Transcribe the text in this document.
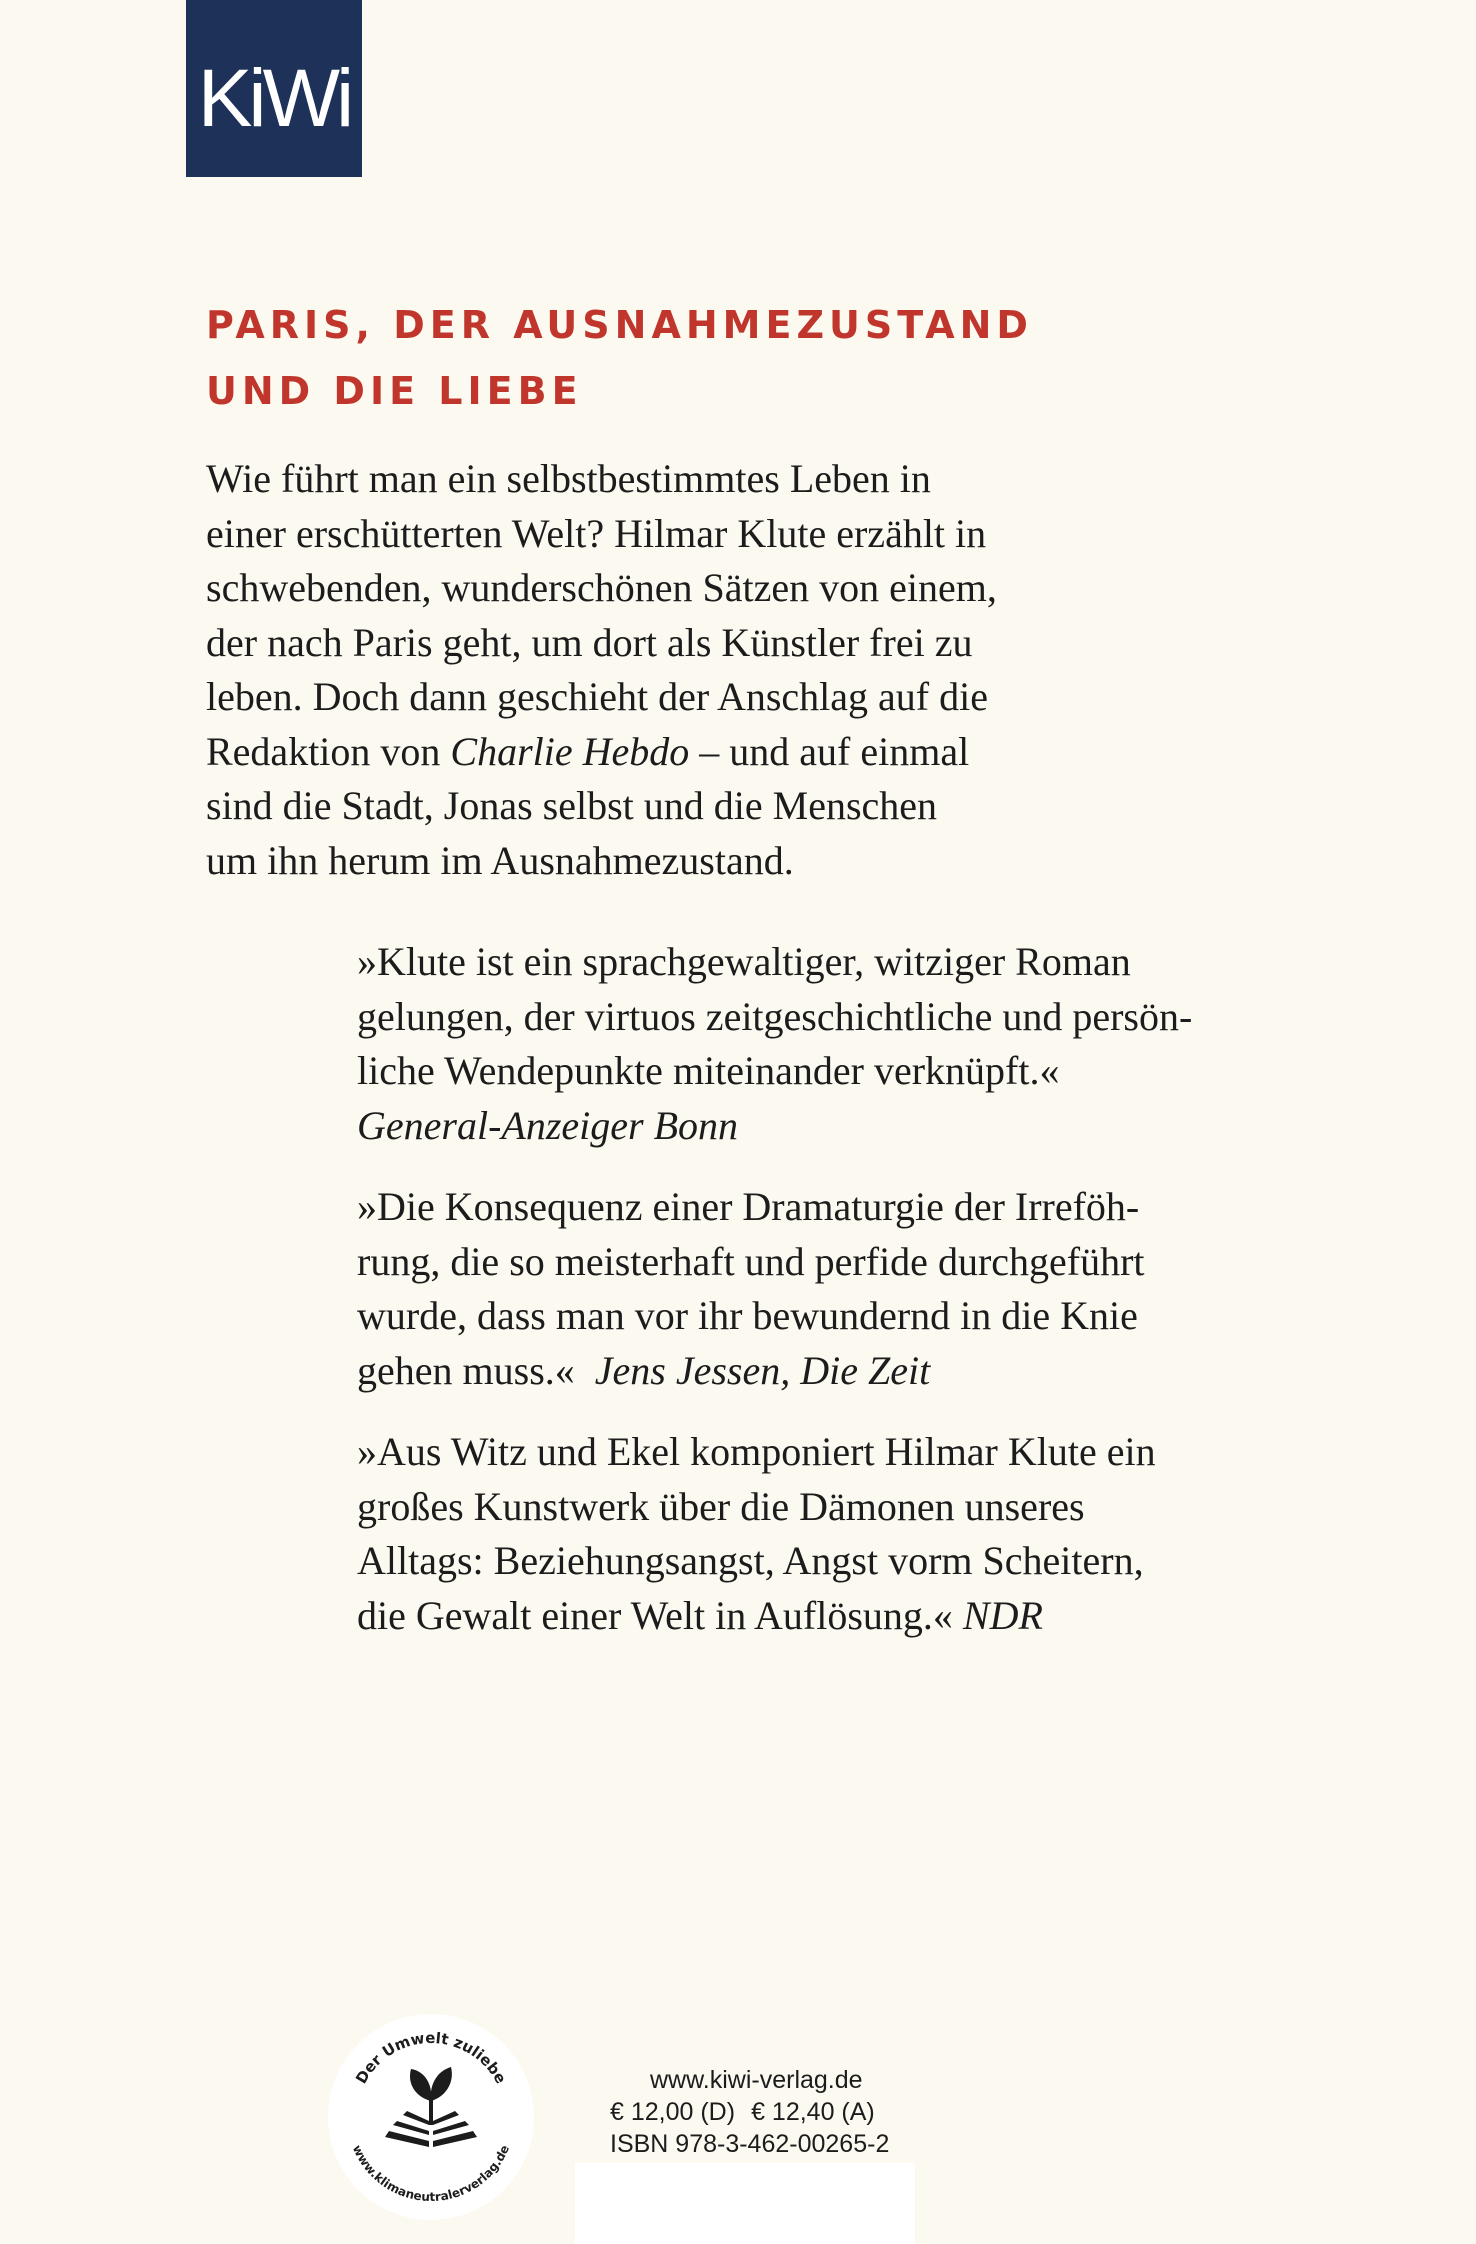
KiWi
PARIS, DER AUSNAHMEZUSTAND
UND DIE LIEBE

Wie führt man ein selbstbestimmtes Leben in
einer erschütterten Welt? Hilmar Klute erzählt in
schwebenden, wunderschönen Sätzen von einem,
der nach Paris geht, um dort als Künstler frei zu
leben. Doch dann geschieht der Anschlag auf die
Redaktion von Charlie Hebdo – und auf einmal
sind die Stadt, Jonas selbst und die Menschen
um ihn herum im Ausnahmezustand.

»Klute ist ein sprachgewaltiger, witziger Roman
gelungen, der virtuos zeitgeschichtliche und persön-
liche Wendepunkte miteinander verknüpft.«
General-Anzeiger Bonn

»Die Konsequenz einer Dramaturgie der Irreföh-
rung, die so meisterhaft und perfide durchgeführt
wurde, dass man vor ihr bewundernd in die Knie
gehen muss.« Jens Jessen, Die Zeit

»Aus Witz und Ekel komponiert Hilmar Klute ein
großes Kunstwerk über die Dämonen unseres
Alltags: Beziehungsangst, Angst vorm Scheitern,
die Gewalt einer Welt in Auflösung.« NDR

Der Umwelt zuliebe
www.klimaneutralerverlag.de
www.kiwi-verlag.de
€ 12,00 (D) € 12,40 (A)
ISBN 978-3-462-00265-2
